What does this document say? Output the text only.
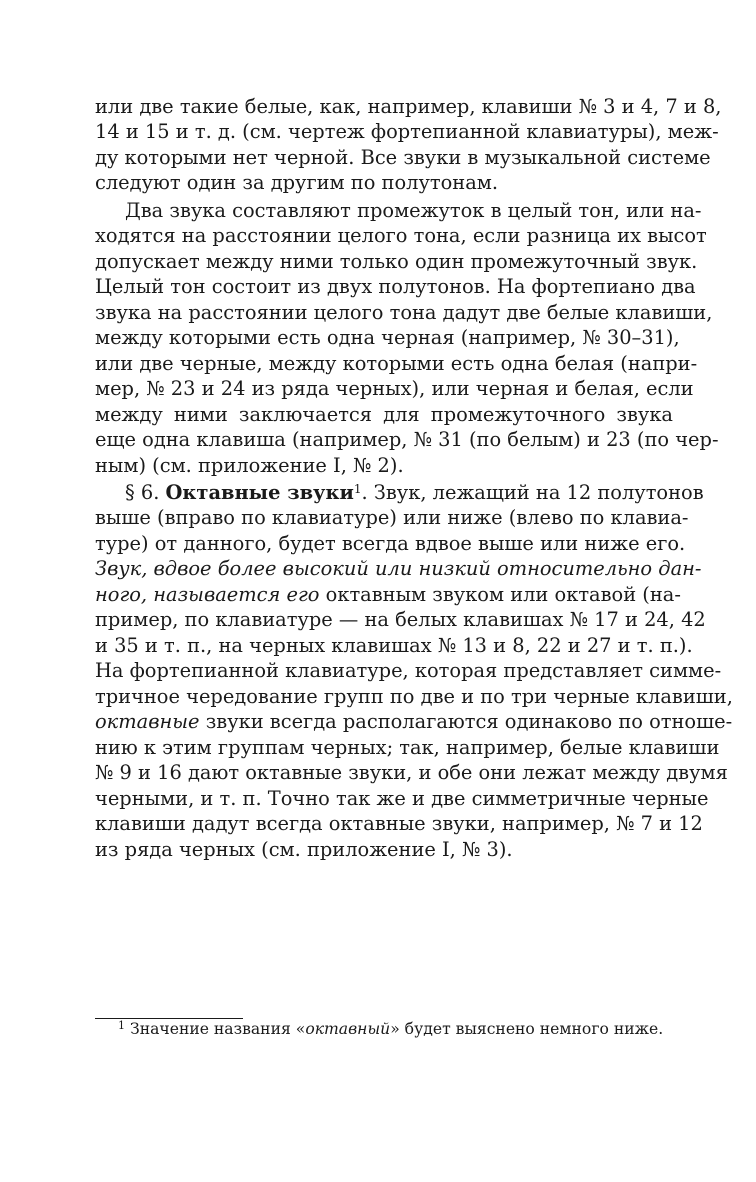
или две такие белые, как, например, клавиши № 3 и 4, 7 и 8,
14 и 15 и т. д. (см. чертеж фортепианной клавиатуры), меж-
ду которыми нет черной. Все звуки в музыкальной системе
следуют один за другим по полутонам.
Два звука составляют промежуток в целый тон, или на-
ходятся на расстоянии целого тона, если разница их высот
допускает между ними только один промежуточный звук.
Целый тон состоит из двух полутонов. На фортепиано два
звука на расстоянии целого тона дадут две белые клавиши,
между которыми есть одна черная (например, № 30–31),
или две черные, между которыми есть одна белая (напри-
мер, № 23 и 24 из ряда черных), или черная и белая, если
между ними заключается для промежуточного звука
еще одна клавиша (например, № 31 (по белым) и 23 (по чер-
ным) (см. приложение I, № 2).
§ 6. Октавные звуки$^1$. Звук, лежащий на 12 полутонов
выше (вправо по клавиатуре) или ниже (влево по клавиа-
туре) от данного, будет всегда вдвое выше или ниже его.
Звук, вдвое более высокий или низкий относительно дан-
ного, называется его октавным звуком или октавой (на-
пример, по клавиатуре — на белых клавишах № 17 и 24, 42
и 35 и т. п., на черных клавишах № 13 и 8, 22 и 27 и т. п.).
На фортепианной клавиатуре, которая представляет симме-
тричное чередование групп по две и по три черные клавиши,
октавные звуки всегда располагаются одинаково по отноше-
нию к этим группам черных; так, например, белые клавиши
№ 9 и 16 дают октавные звуки, и обе они лежат между двумя
черными, и т. п. Точно так же и две симметричные черные
клавиши дадут всегда октавные звуки, например, № 7 и 12
из ряда черных (см. приложение I, № 3).
$^1$ Значение названия «октавный» будет выяснено немного ниже.
